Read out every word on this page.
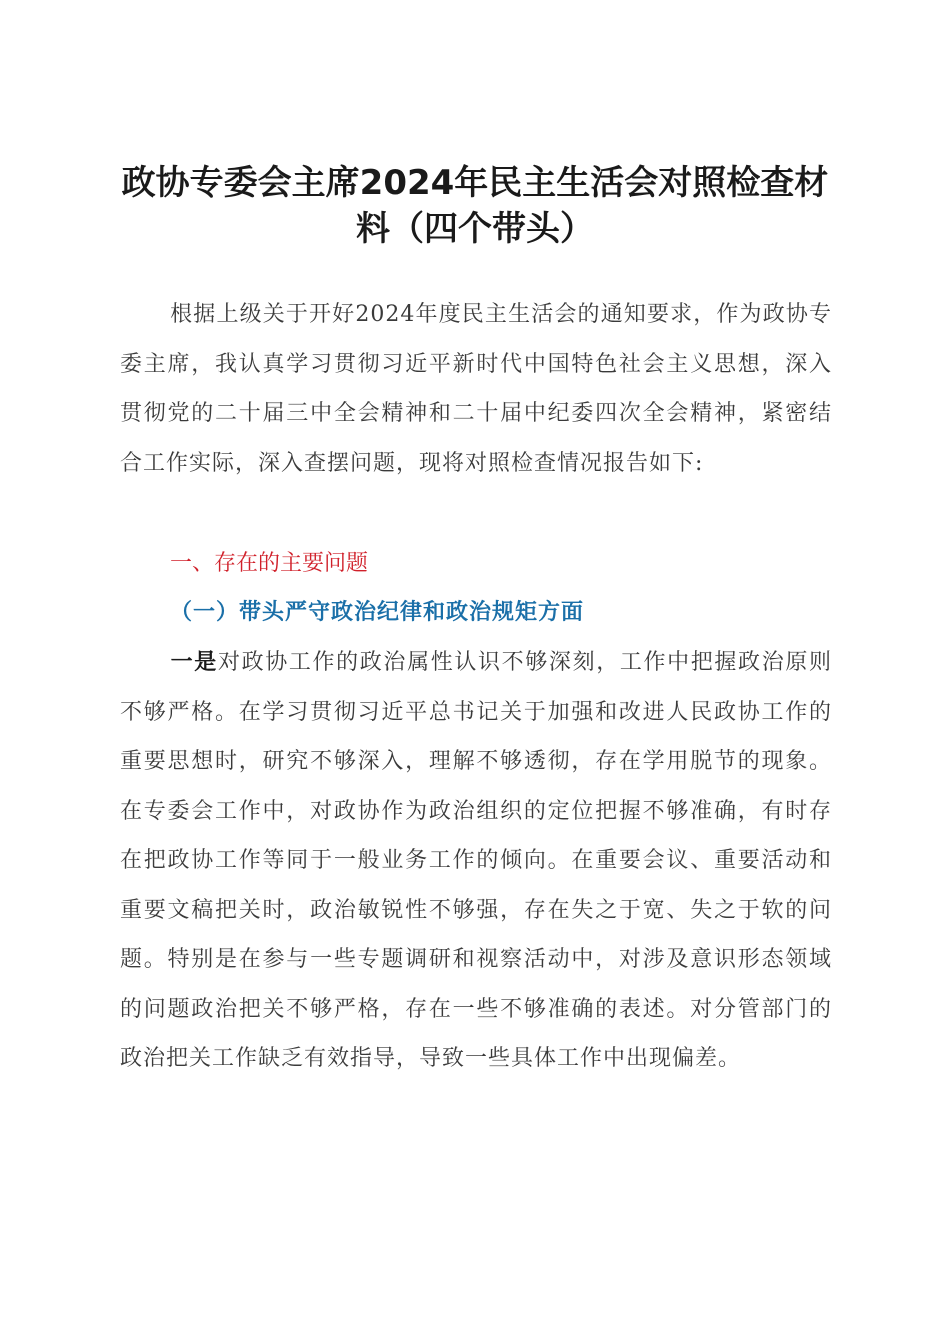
政协专委会主席2024年民主生活会对照检查材
料（四个带头）

根据上级关于开好2024年度民主生活会的通知要求，作为政协专委主席，我认真学习贯彻习近平新时代中国特色社会主义思想，深入贯彻党的二十届三中全会精神和二十届中纪委四次全会精神，紧密结合工作实际，深入查摆问题，现将对照检查情况报告如下:

一、存在的主要问题
（一）带头严守政治纪律和政治规矩方面

一是对政协工作的政治属性认识不够深刻，工作中把握政治原则不够严格。在学习贯彻习近平总书记关于加强和改进人民政协工作的重要思想时，研究不够深入，理解不够透彻，存在学用脱节的现象。在专委会工作中，对政协作为政治组织的定位把握不够准确，有时存在把政协工作等同于一般业务工作的倾向。在重要会议、重要活动和重要文稿把关时，政治敏锐性不够强，存在失之于宽、失之于软的问题。特别是在参与一些专题调研和视察活动中，对涉及意识形态领域的问题政治把关不够严格，存在一些不够准确的表述。对分管部门的政治把关工作缺乏有效指导，导致一些具体工作中出现偏差。
